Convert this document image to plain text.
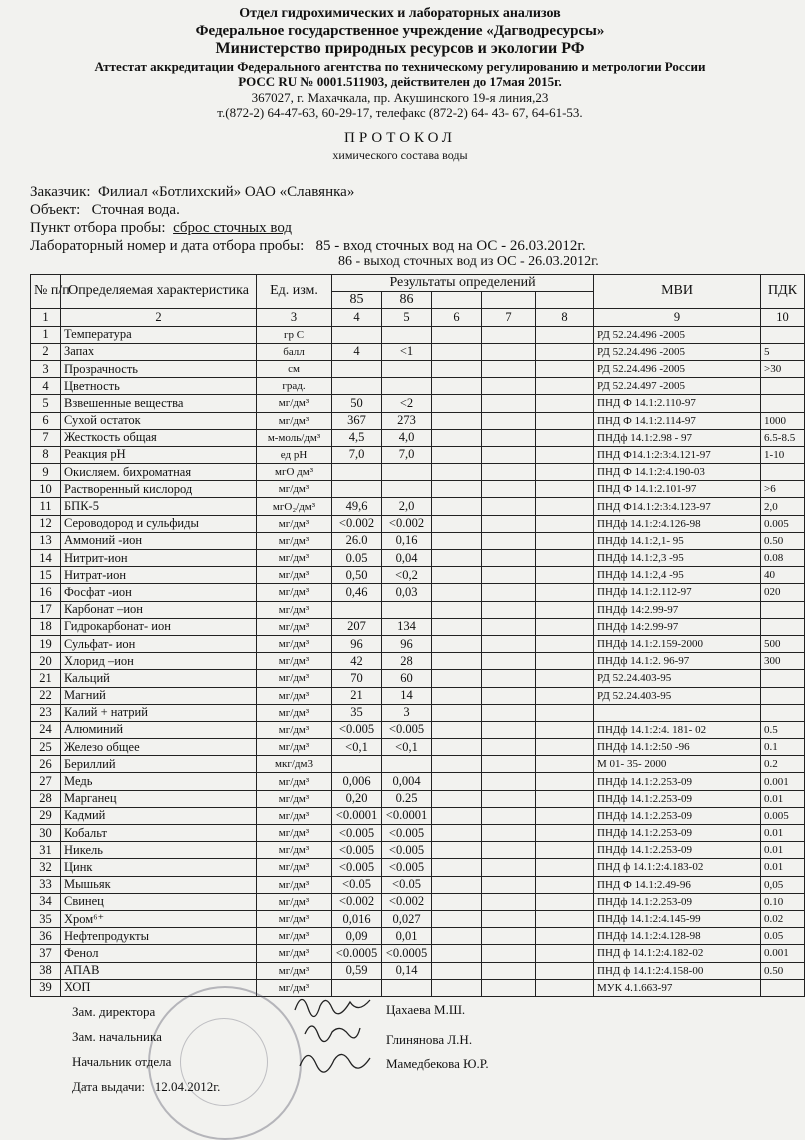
Отдел гидрохимических и лабораторных анализов
Федеральное государственное учреждение «Дагводресурсы»
Министерство природных ресурсов и экологии РФ
Аттестат аккредитации Федерального агентства по техническому регулированию и метрологии России
РОСС RU № 0001.511903, действителен до 17мая 2015г.
367027, г. Махачкала, пр. Акушинского 19-я линия,23
т.(872-2) 64-47-63, 60-29-17, телефакс (872-2) 64- 43- 67, 64-61-53.
ПРОТОКОЛ
химического состава воды
Заказчик: Филиал «Ботлихский» ОАО «Славянка»
Объект: Сточная вода.
Пункт отбора пробы: сброс сточных вод
Лабораторный номер и дата отбора пробы: 85 - вход сточных вод на ОС - 26.03.2012г.
86 - выход сточных вод из ОС - 26.03.2012г.
№ п/п	Определяемая характеристика	Ед. изм.	Результаты определений					МВИ	ПДК
			85	86					
1	2	3	4	5	6	7	8	9	10
1	Температура	гр С						РД 52.24.496 -2005	
2	Запах	балл	4	<1				РД 52.24.496 -2005	5
3	Прозрачность	см						РД 52.24.496 -2005	>30
4	Цветность	град.						РД 52.24.497 -2005	
5	Взвешенные вещества	мг/дм³	50	<2				ПНД Ф 14.1:2.110-97	
6	Сухой остаток	мг/дм³	367	273				ПНД Ф 14.1:2.114-97	1000
7	Жесткость общая	м-моль/дм³	4,5	4,0				ПНДф 14.1:2.98 - 97	6.5-8.5
8	Реакция рН	ед рН	7,0	7,0				ПНД Ф14.1:2:3:4.121-97	1-10
9	Окисляем. бихроматная	мгО дм³						ПНД Ф 14.1:2:4.190-03	
10	Растворенный кислород	мг/дм³						ПНД Ф 14.1:2.101-97	>6
11	БПК-5	мгО₂/дм³	49,6	2,0				ПНД Ф14.1:2:3:4.123-97	2,0
12	Сероводород и сульфиды	мг/дм³	<0.002	<0.002				ПНДф 14.1:2:4.126-98	0.005
13	Аммоний -ион	мг/дм³	26.0	0,16				ПНДф 14.1:2,1- 95	0.50
14	Нитрит-ион	мг/дм³	0.05	0,04				ПНДф 14.1:2,3 -95	0.08
15	Нитрат-ион	мг/дм³	0,50	<0,2				ПНДф 14.1:2,4 -95	40
16	Фосфат -ион	мг/дм³	0,46	0,03				ПНДф 14.1:2.112-97	020
17	Карбонат –ион	мг/дм³						ПНДф 14:2.99-97	
18	Гидрокарбонат- ион	мг/дм³	207	134				ПНДф 14:2.99-97	
19	Сульфат- ион	мг/дм³	96	96				ПНДф 14.1:2.159-2000	500
20	Хлорид –ион	мг/дм³	42	28				ПНДф 14.1:2. 96-97	300
21	Кальций	мг/дм³	70	60				РД 52.24.403-95	
22	Магний	мг/дм³	21	14				РД 52.24.403-95	
23	Калий + натрий	мг/дм³	35	3					
24	Алюминий	мг/дм³	<0.005	<0.005				ПНДф 14.1:2:4. 181- 02	0.5
25	Железо общее	мг/дм³	<0,1	<0,1				ПНДф 14.1:2:50 -96	0.1
26	Бериллий	мкг/дм3						М 01- 35- 2000	0.2
27	Медь	мг/дм³	0,006	0,004				ПНДф 14.1:2.253-09	0.001
28	Марганец	мг/дм³	0,20	0.25				ПНДф 14.1:2.253-09	0.01
29	Кадмий	мг/дм³	<0.0001	<0.0001				ПНДф 14.1:2.253-09	0.005
30	Кобальт	мг/дм³	<0.005	<0.005				ПНДф 14.1:2.253-09	0.01
31	Никель	мг/дм³	<0.005	<0.005				ПНДф 14.1:2.253-09	0.01
32	Цинк	мг/дм³	<0.005	<0.005				ПНД ф 14.1:2:4.183-02	0.01
33	Мышьяк	мг/дм³	<0.05	<0.05				ПНД Ф 14.1:2.49-96	0,05
34	Свинец	мг/дм³	<0.002	<0.002				ПНДф 14.1:2.253-09	0.10
35	Хром⁶⁺	мг/дм³	0,016	0,027				ПНДф 14.1:2:4.145-99	0.02
36	Нефтепродукты	мг/дм³	0,09	0,01				ПНДф 14.1:2:4.128-98	0.05
37	Фенол	мг/дм³	<0.0005	<0.0005				ПНД ф 14.1:2:4.182-02	0.001
38	АПАВ	мг/дм³	0,59	0,14				ПНД ф 14.1:2:4.158-00	0.50
39	ХОП	мг/дм³						МУК 4.1.663-97	
Зам. директора	Цахаева М.Ш.
Зам. начальника	Глинянова Л.Н.
Начальник отдела	Мамедбекова Ю.Р.
Дата выдачи: 12.04.2012г.
